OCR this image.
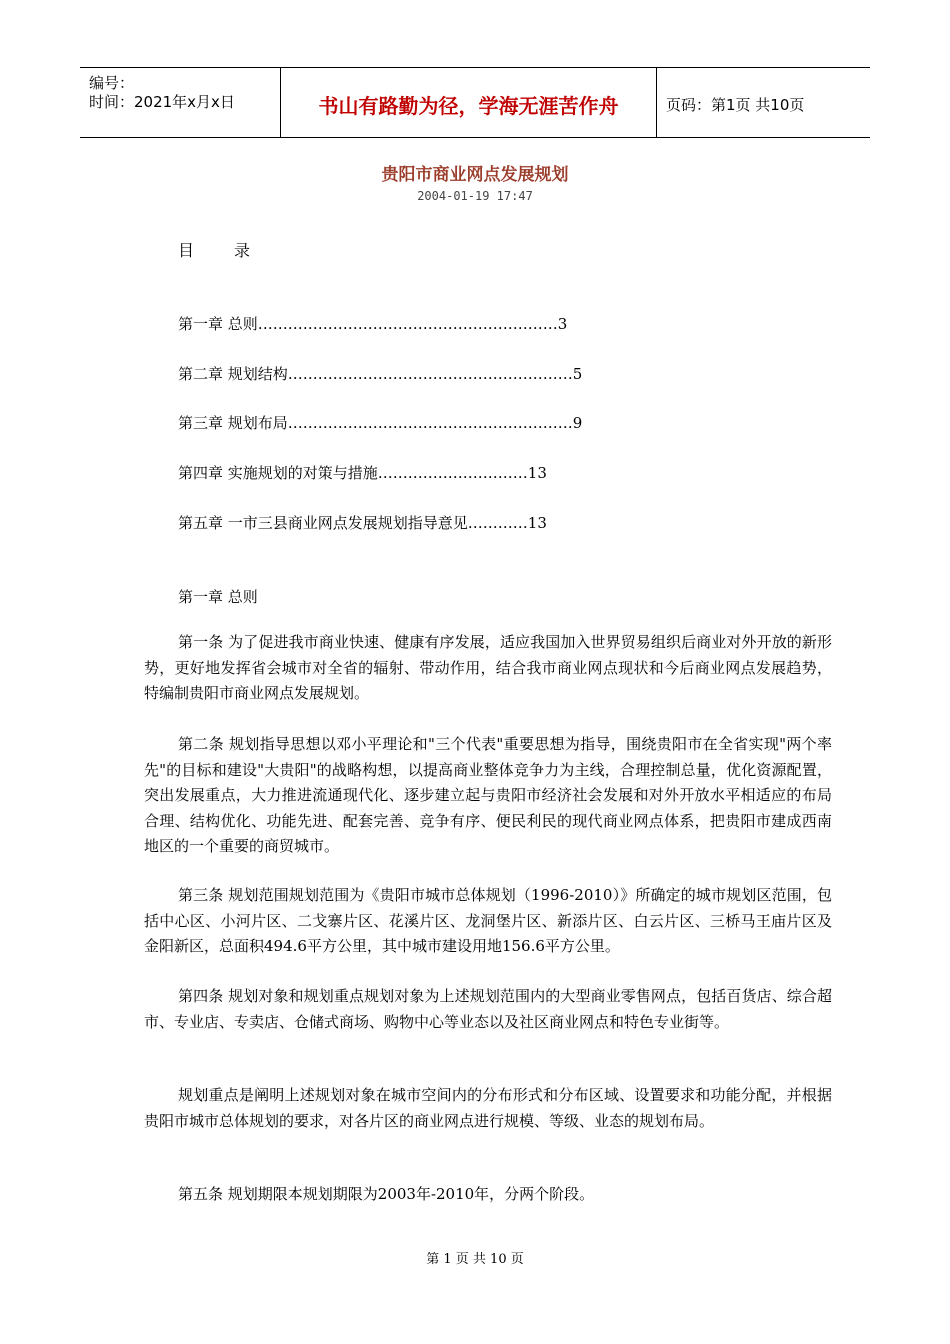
编号：
时间：2021年x月x日	书山有路勤为径，学海无涯苦作舟	页码：第1页 共10页
贵阳市商业网点发展规划
2004-01-19 17:47
目 录
第一章 总则……………………………………………………3
第二章 规划结构…………………………………………………5
第三章 规划布局…………………………………………………9
第四章 实施规划的对策与措施…………………………13
第五章 一市三县商业网点发展规划指导意见…………13
第一章 总则

第一条 为了促进我市商业快速、健康有序发展，适应我国加入世界贸易组织后商业对外开放的新形势，更好地发挥省会城市对全省的辐射、带动作用，结合我市商业网点现状和今后商业网点发展趋势，特编制贵阳市商业网点发展规划。

第二条 规划指导思想以邓小平理论和"三个代表"重要思想为指导，围绕贵阳市在全省实现"两个率先"的目标和建设"大贵阳"的战略构想，以提高商业整体竞争力为主线，合理控制总量，优化资源配置，突出发展重点，大力推进流通现代化、逐步建立起与贵阳市经济社会发展和对外开放水平相适应的布局合理、结构优化、功能先进、配套完善、竞争有序、便民利民的现代商业网点体系，把贵阳市建成西南地区的一个重要的商贸城市。

第三条 规划范围规划范围为《贵阳市城市总体规划（1996-2010）》所确定的城市规划区范围，包括中心区、小河片区、二戈寨片区、花溪片区、龙洞堡片区、新添片区、白云片区、三桥马王庙片区及金阳新区，总面积494.6平方公里，其中城市建设用地156.6平方公里。

第四条 规划对象和规划重点规划对象为上述规划范围内的大型商业零售网点，包括百货店、综合超市、专业店、专卖店、仓储式商场、购物中心等业态以及社区商业网点和特色专业街等。

规划重点是阐明上述规划对象在城市空间内的分布形式和分布区域、设置要求和功能分配，并根据贵阳市城市总体规划的要求，对各片区的商业网点进行规模、等级、业态的规划布局。

第五条 规划期限本规划期限为2003年-2010年，分两个阶段。

第 1 页 共 10 页
